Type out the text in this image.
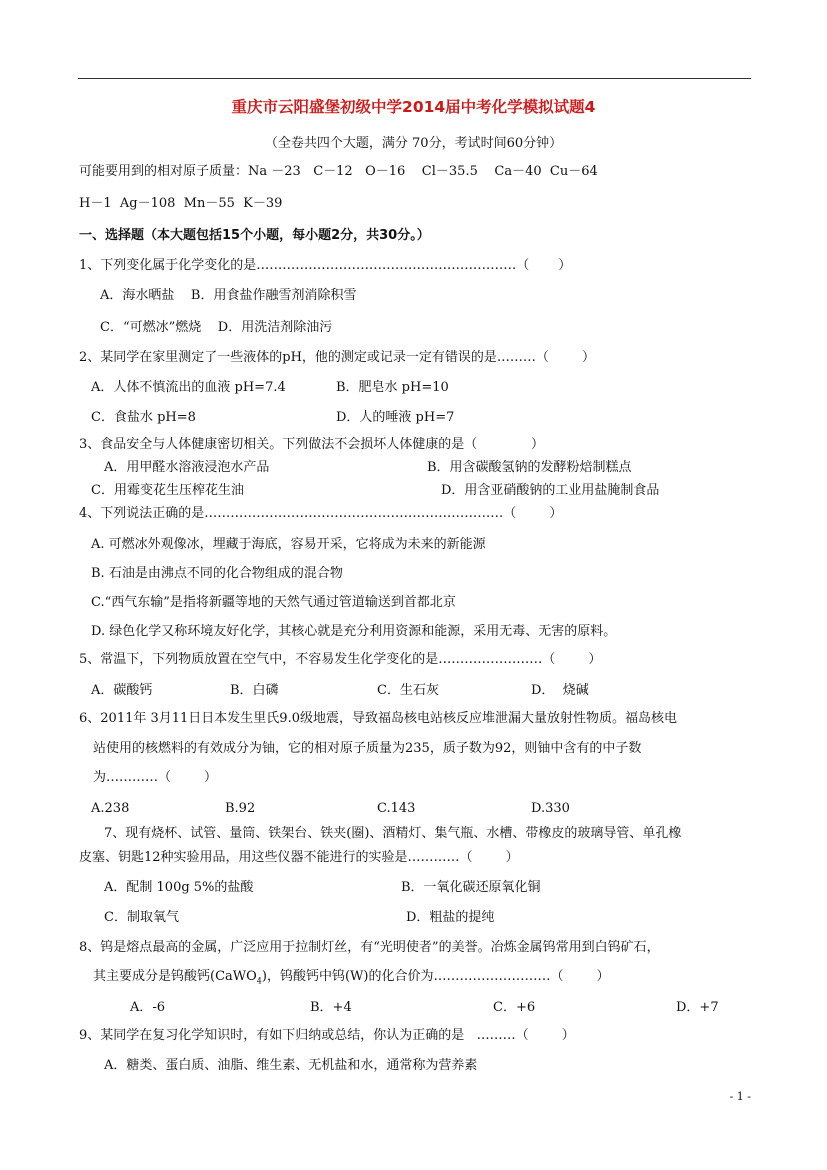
重庆市云阳盛堡初级中学2014届中考化学模拟试题4
（全卷共四个大题，满分 70分，考试时间60分钟）
可能要用到的相对原子质量：Na －23   C－12   O－16    Cl－35.5    Ca－40  Cu－64
H－1  Ag－108  Mn－55  K－39
一、选择题（本大题包括15个小题，每小题2分，共30分。）
1、下列变化属于化学变化的是……………………………………………………（       ）
A．海水晒盐    B．用食盐作融雪剂消除积雪
C．“可燃冰”燃烧    D．用洗洁剂除油污
2、某同学在家里测定了一些液体的pH，他的测定或记录一定有错误的是………（        ）
A．人体不慎流出的血液 pH=7.4	B．肥皂水 pH=10
C．食盐水 pH=8	D．人的唾液 pH=7
3、食品安全与人体健康密切相关。下列做法不会损坏人体健康的是（             ）
A．用甲醛水溶液浸泡水产品	B．用含碳酸氢钠的发酵粉焙制糕点
C．用霉变花生压榨花生油	D．用含亚硝酸钠的工业用盐腌制食品
4、下列说法正确的是……………………………………………………………（        ）
A. 可燃冰外观像冰，埋藏于海底，容易开采，它将成为未来的新能源
B. 石油是由沸点不同的化合物组成的混合物
C.“西气东输”是指将新疆等地的天然气通过管道输送到首都北京
D. 绿色化学又称环境友好化学，其核心就是充分利用资源和能源，采用无毒、无害的原料。
5、常温下，下列物质放置在空气中，不容易发生化学变化的是……………………（        ）
A．碳酸钙	B．白磷	C．生石灰	D．  烧碱
6、2011年 3月11日日本发生里氏9.0级地震，导致福岛核电站核反应堆泄漏大量放射性物质。福岛核电
站使用的核燃料的有效成分为铀，它的相对原子质量为235，质子数为92，则铀中含有的中子数
为…………（        ）
A.238	B.92	C.143	D.330
7、现有烧杯、试管、量筒、铁架台、铁夹(圈)、酒精灯、集气瓶、水槽、带橡皮的玻璃导管、单孔橡
皮塞、钥匙12种实验用品，用这些仪器不能进行的实验是…………（        ）
A．配制 100g 5%的盐酸	B．一氧化碳还原氧化铜
C．制取氧气	D．粗盐的提纯
8、钨是熔点最高的金属，广泛应用于拉制灯丝，有“光明使者”的美誉。冶炼金属钨常用到白钨矿石，
其主要成分是钨酸钙(CaWO$_4$)，钨酸钙中钨(W)的化合价为………………………（        ）
A．-6	B．+4	C．+6	D．+7
9、某同学在复习化学知识时，有如下归纳或总结，你认为正确的是   ………（        ）
A．糖类、蛋白质、油脂、维生素、无机盐和水，通常称为营养素
- 1 -
